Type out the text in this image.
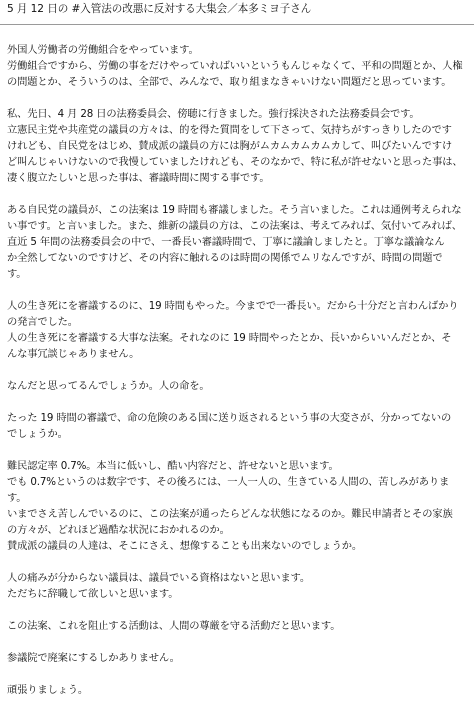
5 月 12 日の #入管法の改悪に反対する大集会／本多ミヨ子さん
外国人労働者の労働組合をやっています。
労働組合ですから、労働の事をだけやっていればいいというもんじゃなくて、平和の問題とか、人権
の問題とか、そういうのは、全部で、みんなで、取り組まなきゃいけない問題だと思っています。
私、先日、4 月 28 日の法務委員会、傍聴に行きました。強行採決された法務委員会です。
立憲民主党や共産党の議員の方々は、的を得た質問をして下さって、気持ちがすっきりしたのです
けれども、自民党をはじめ、賛成派の議員の方には胸がムカムカムカムカして、叫びたいんですけ
ど叫んじゃいけないので我慢していましたけれども、そのなかで、特に私が許せないと思った事は、
凄く腹立たしいと思った事は、審議時間に関する事です。
ある自民党の議員が、この法案は 19 時間も審議しました。そう言いました。これは通例考えられな
い事です。と言いました。また、維新の議員の方は、この法案は、考えてみれば、気付いてみれば、
直近 5 年間の法務委員会の中で、一番長い審議時間で、丁寧に議論しましたと。丁寧な議論なん
か全然してないのですけど、その内容に触れるのは時間の関係でムリなんですが、時間の問題で
す。
人の生き死にを審議するのに、19 時間もやった。今までで一番長い。だから十分だと言わんばかり
の発言でした。
人の生き死にを審議する大事な法案。それなのに 19 時間やったとか、長いからいいんだとか、そ
んな事冗談じゃありません。
なんだと思ってるんでしょうか。人の命を。
たった 19 時間の審議で、命の危険のある国に送り返されるという事の大変さが、分かってないの
でしょうか。
難民認定率 0.7%。本当に低いし、酷い内容だと、許せないと思います。
でも 0.7%というのは数字です、その後ろには、一人一人の、生きている人間の、苦しみがありま
す。
いまでさえ苦しんでいるのに、この法案が通ったらどんな状態になるのか。難民申請者とその家族
の方々が、どれほど過酷な状況におかれるのか。
賛成派の議員の人達は、そこにさえ、想像することも出来ないのでしょうか。
人の痛みが分からない議員は、議員でいる資格はないと思います。
ただちに辞職して欲しいと思います。
この法案、これを阻止する活動は、人間の尊厳を守る活動だと思います。
参議院で廃案にするしかありません。
頑張りましょう。
